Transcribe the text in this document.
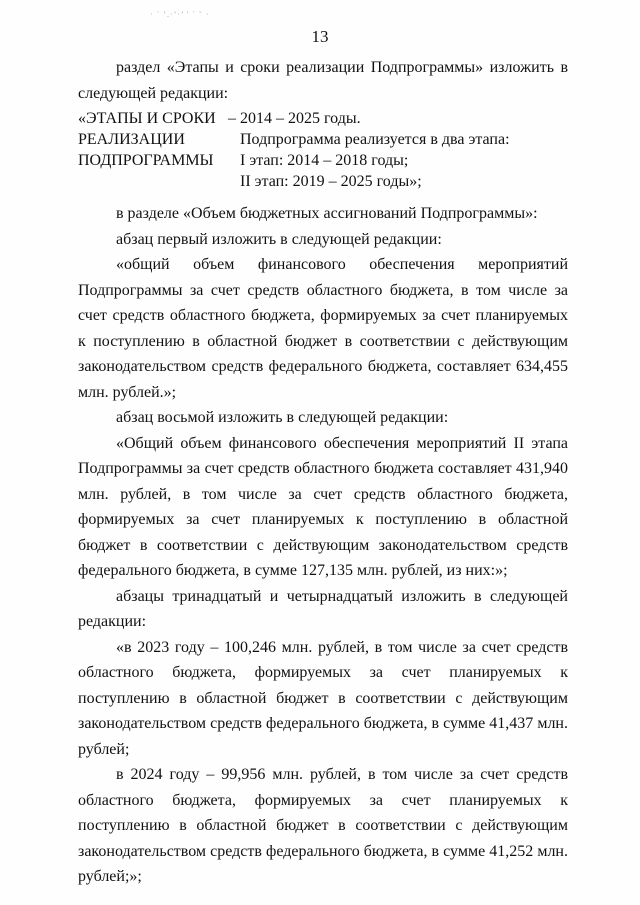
· ` ’.·’·’ ' ` ˜ ·
13

раздел «Этапы и сроки реализации Подпрограммы» изложить в

следующей редакции:

«ЭТАПЫ И СРОКИ –
РЕАЛИЗАЦИИ
ПОДПРОГРАММЫ
2014 – 2025 годы.
Подпрограмма реализуется в два этапа:
I этап: 2014 – 2018 годы;
II этап: 2019 – 2025 годы»;

в разделе «Объем бюджетных ассигнований Подпрограммы»:

абзац первый изложить в следующей редакции:

«общий объем финансового обеспечения мероприятий Подпрограммы за счет средств областного бюджета, в том числе за счет средств областного бюджета, формируемых за счет планируемых к поступлению в областной бюджет в соответствии с действующим законодательством средств федерального бюджета, составляет 634,455 млн. рублей.»;

абзац восьмой изложить в следующей редакции:

«Общий объем финансового обеспечения мероприятий II этапа Подпрограммы за счет средств областного бюджета составляет 431,940 млн. рублей, в том числе за счет средств областного бюджета, формируемых за счет планируемых к поступлению в областной бюджет в соответствии с действующим законодательством средств федерального бюджета, в сумме 127,135 млн. рублей, из них:»;

абзацы тринадцатый и четырнадцатый изложить в следующей редакции:

«в 2023 году – 100,246 млн. рублей, в том числе за счет средств областного бюджета, формируемых за счет планируемых к поступлению в областной бюджет в соответствии с действующим законодательством средств федерального бюджета, в сумме 41,437 млн. рублей;

в 2024 году – 99,956 млн. рублей, в том числе за счет средств областного бюджета, формируемых за счет планируемых к поступлению в областной бюджет в соответствии с действующим законодательством средств федерального бюджета, в сумме 41,252 млн. рублей;»;
